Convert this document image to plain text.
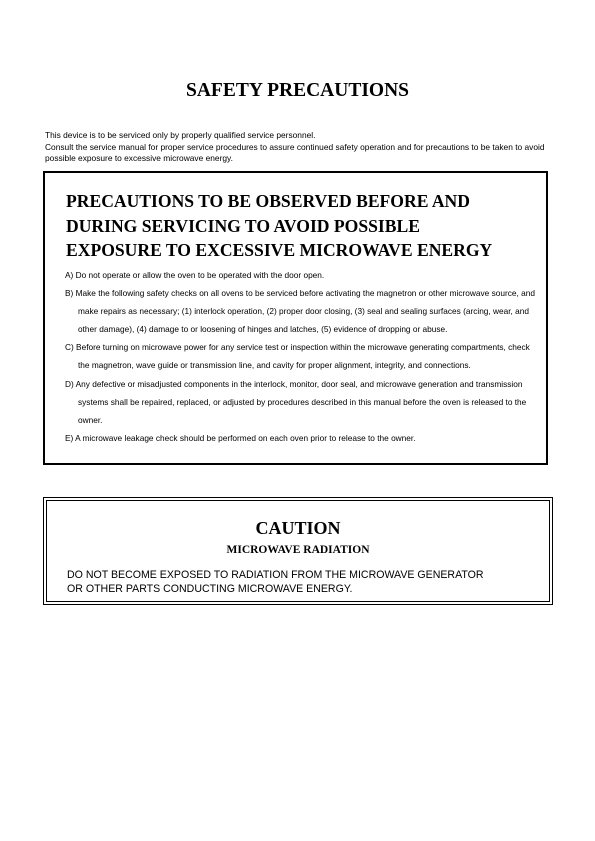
SAFETY PRECAUTIONS

This device is to be serviced only by properly qualified service personnel.

Consult the service manual for proper service procedures to assure continued safety operation and for precautions to be taken to avoid possible exposure to excessive microwave energy.

PRECAUTIONS TO BE OBSERVED BEFORE AND
DURING SERVICING TO AVOID POSSIBLE
EXPOSURE TO EXCESSIVE MICROWAVE ENERGY
A) Do not operate or allow the oven to be operated with the door open.
B) Make the following safety checks on all ovens to be serviced before activating the magnetron or other microwave source, and make repairs as necessary; (1) interlock operation, (2) proper door closing, (3) seal and sealing surfaces (arcing, wear, and other damage), (4) damage to or loosening of hinges and latches, (5) evidence of dropping or abuse.
C) Before turning on microwave power for any service test or inspection within the microwave generating compartments, check the magnetron, wave guide or transmission line, and cavity for proper alignment, integrity, and connections.
D) Any defective or misadjusted components in the interlock, monitor, door seal, and microwave generation and transmission systems shall be repaired, replaced, or adjusted by procedures described in this manual before the oven is released to the owner.
E) A microwave leakage check should be performed on each oven prior to release to the owner.
CAUTION
MICROWAVE RADIATION

DO NOT BECOME EXPOSED TO RADIATION FROM THE MICROWAVE GENERATOR
OR OTHER PARTS CONDUCTING MICROWAVE ENERGY.
